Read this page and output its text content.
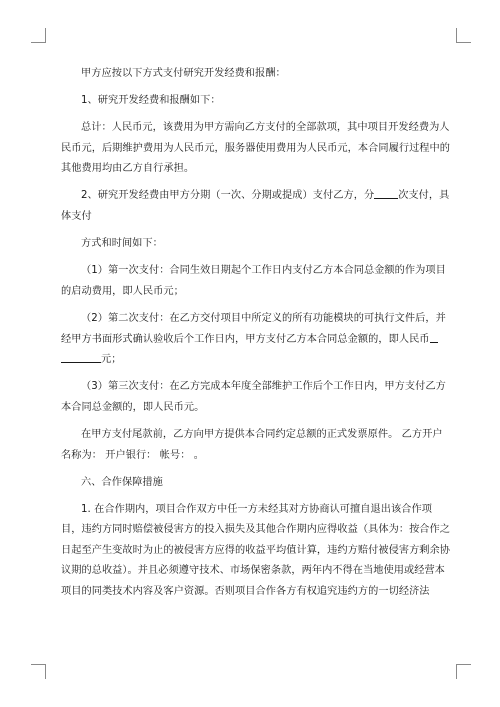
甲方应按以下方式支付研究开发经费和报酬：

1、研究开发经费和报酬如下：

总计：人民币元，该费用为甲方需向乙方支付的全部款项，其中项目开发经费为人民币元，后期维护费用为人民币元，服务器使用费用为人民币元，本合同履行过程中的其他费用均由乙方自行承担。

2、研究开发经费由甲方分期（一次、分期或提成）支付乙方，分 次支付，具体支付

方式和时间如下：

（1）第一次支付：合同生效日期起个工作日内支付乙方本合同总金额的作为项目的启动费用，即人民币元；

（2）第二次支付：在乙方交付项目中所定义的所有功能模块的可执行文件后，并经甲方书面形式确认验收后个工作日内，甲方支付乙方本合同总金额的，即人民币
元；

（3）第三次支付：在乙方完成本年度全部维护工作后个工作日内，甲方支付乙方本合同总金额的，即人民币元。

在甲方支付尾款前，乙方向甲方提供本合同约定总额的正式发票原件。 乙方开户名称为： 开户银行： 帐号： 。

六、合作保障措施

1. 在合作期内，项目合作双方中任一方未经其对方协商认可擅自退出该合作项目，违约方同时赔偿被侵害方的投入损失及其他合作期内应得收益（具体为：按合作之日起至产生变故时为止的被侵害方应得的收益平均值计算，违约方赔付被侵害方剩余协议期的总收益）。并且必须遵守技术、市场保密条款，两年内不得在当地使用或经营本项目的同类技术内容及客户资源。否则项目合作各方有权追究违约方的一切经济法
